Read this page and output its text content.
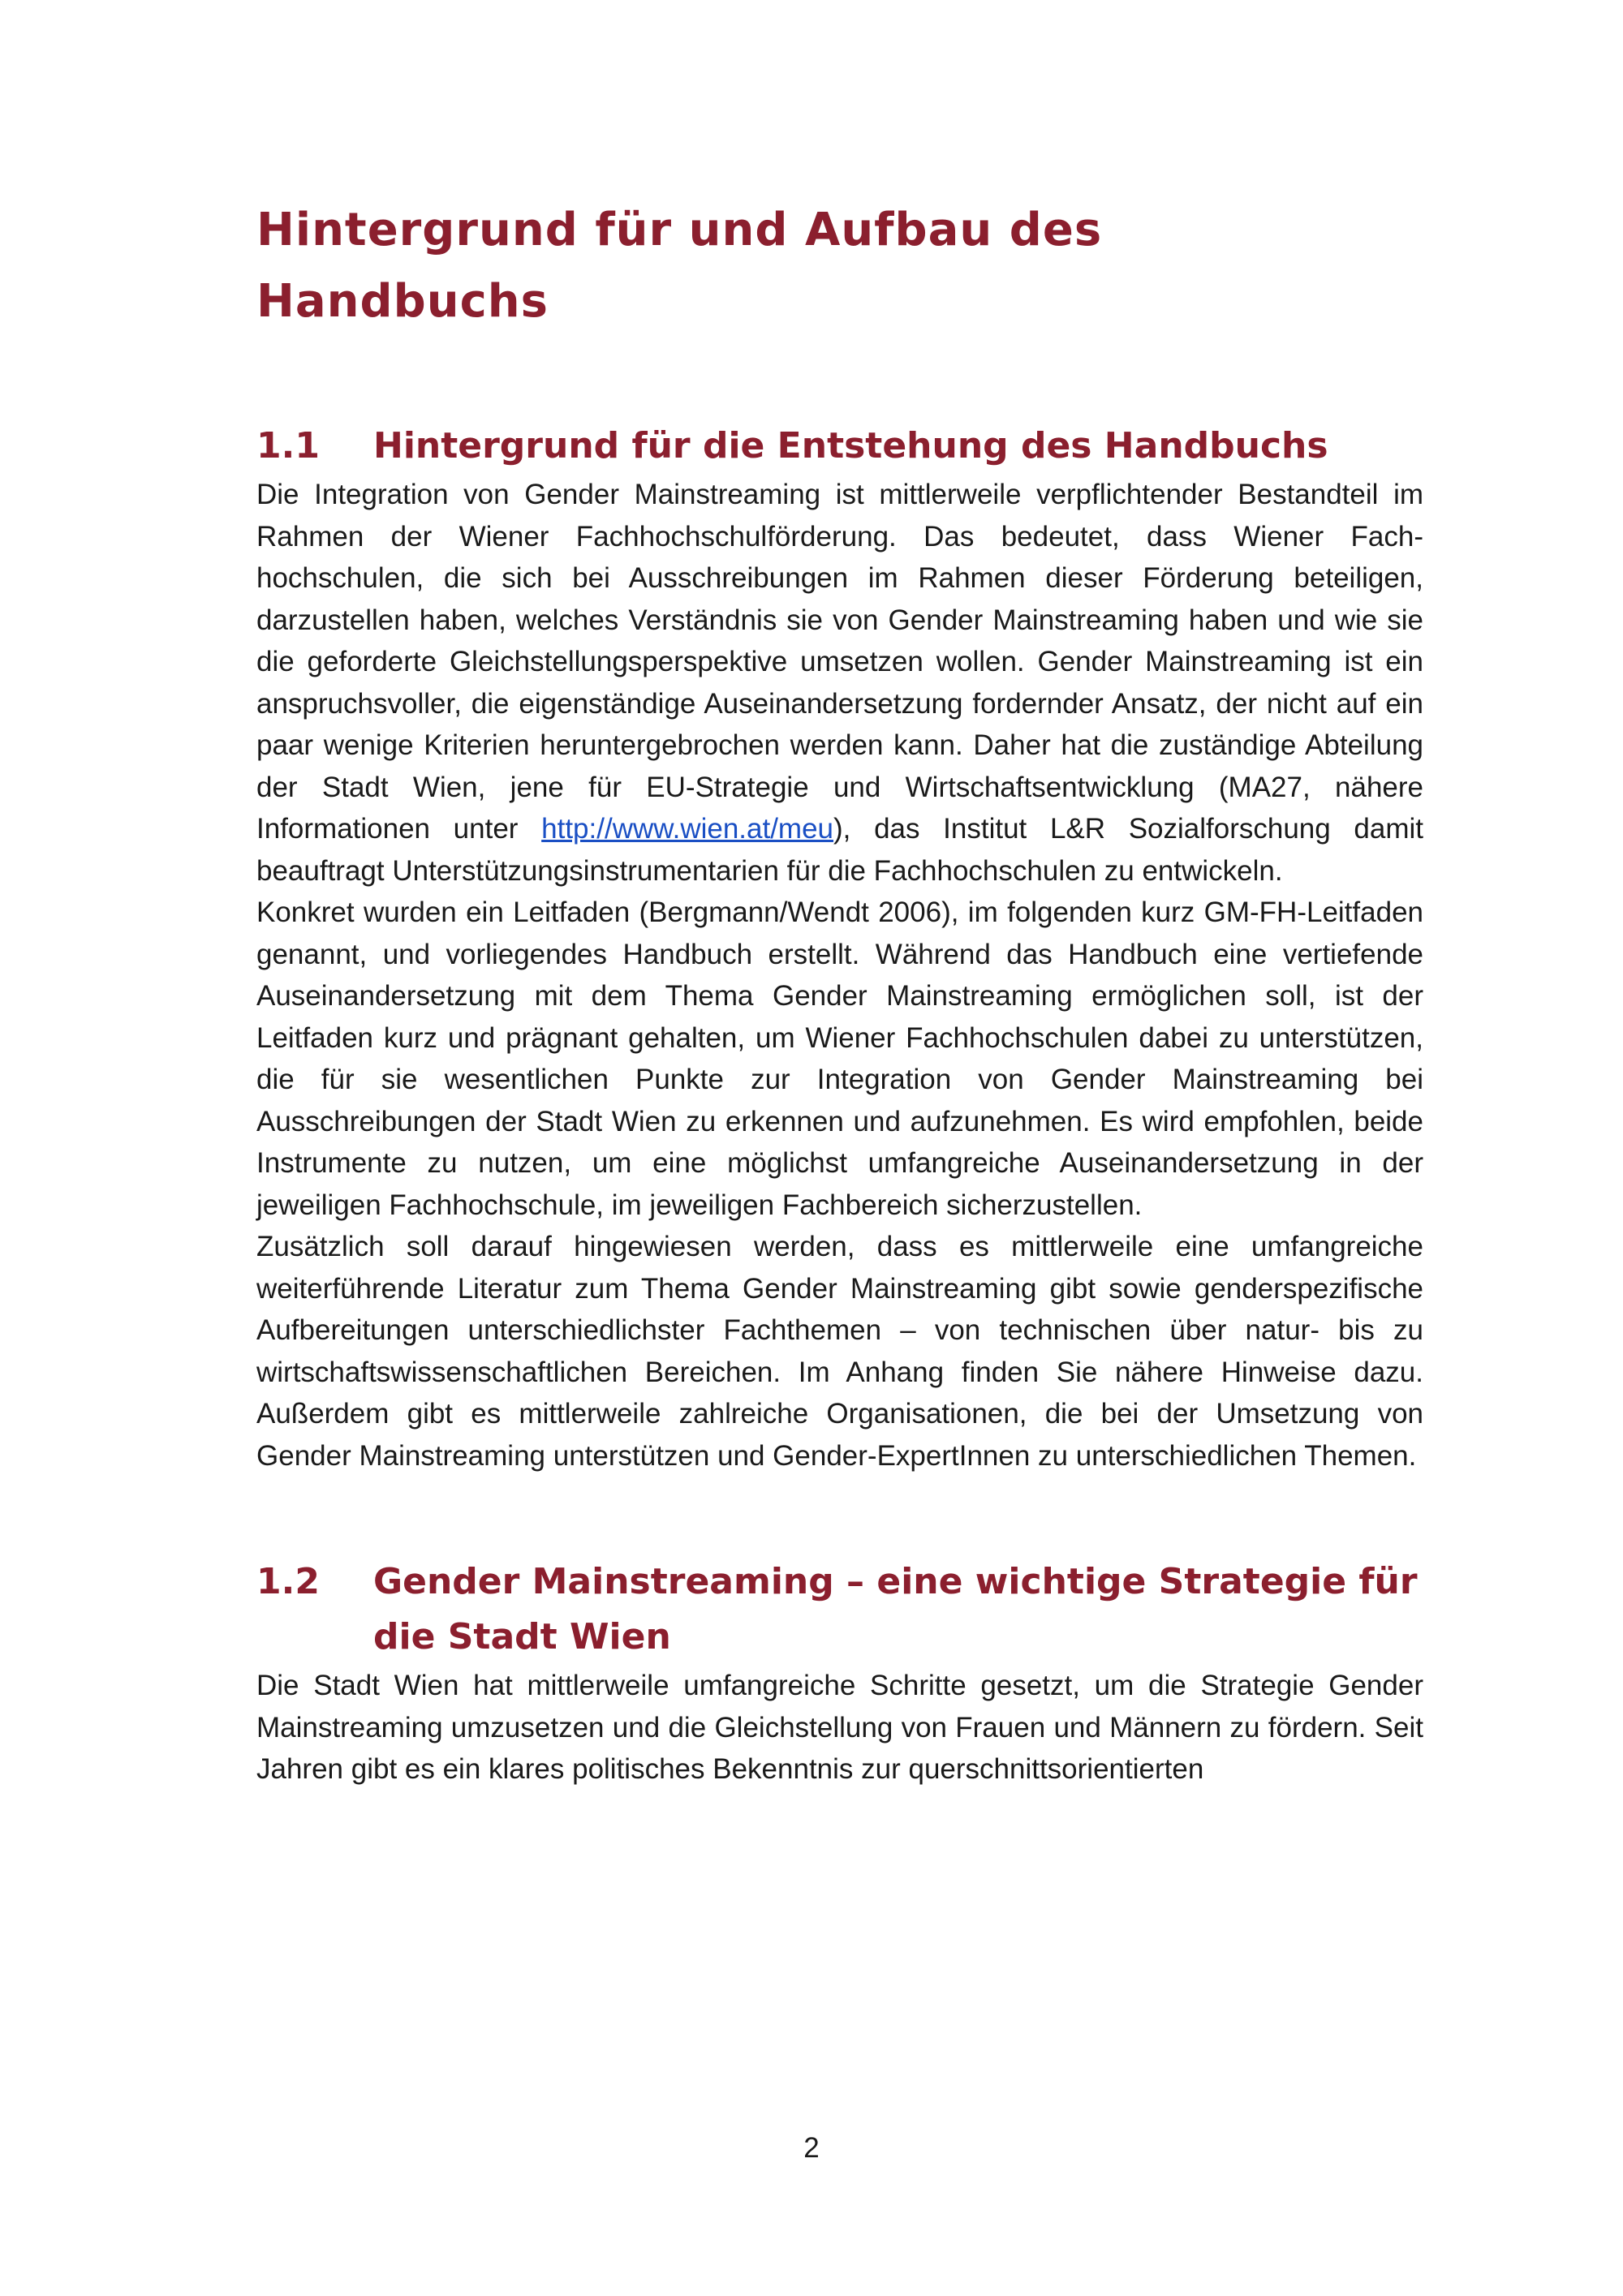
Hintergrund für und Aufbau des
Handbuchs
1.1	Hintergrund für die Entstehung des Handbuchs

Die Integration von Gender Mainstreaming ist mittlerweile verpflichtender Bestandteil im Rahmen der Wiener Fachhochschulförderung. Das bedeutet, dass Wiener Fachhochschulen, die sich bei Ausschreibungen im Rahmen dieser Förderung beteiligen, darzustellen haben, welches Verständnis sie von Gender Mainstreaming haben und wie sie die geforderte Gleichstellungsperspektive umsetzen wollen. Gender Mainstreaming ist ein anspruchsvoller, die eigenständige Auseinandersetzung fordernder Ansatz, der nicht auf ein paar wenige Kriterien heruntergebrochen werden kann. Daher hat die zuständige Abteilung der Stadt Wien, jene für EU-Strategie und Wirtschaftsentwicklung (MA27, nähere Informationen unter http://www.wien.at/meu), das Institut L&R Sozialforschung damit beauftragt Unterstützungsinstrumentarien für die Fachhochschulen zu entwickeln.

Konkret wurden ein Leitfaden (Bergmann/Wendt 2006), im folgenden kurz GM-FH-Leitfaden genannt, und vorliegendes Handbuch erstellt. Während das Handbuch eine vertiefende Auseinandersetzung mit dem Thema Gender Mainstreaming ermöglichen soll, ist der Leitfaden kurz und prägnant gehalten, um Wiener Fachhochschulen dabei zu unterstützen, die für sie wesentlichen Punkte zur Integration von Gender Mainstreaming bei Ausschreibungen der Stadt Wien zu erkennen und aufzunehmen. Es wird empfohlen, beide Instrumente zu nutzen, um eine möglichst umfangreiche Auseinandersetzung in der jeweiligen Fachhochschule, im jeweiligen Fachbereich sicherzustellen.

Zusätzlich soll darauf hingewiesen werden, dass es mittlerweile eine umfangreiche weiterführende Literatur zum Thema Gender Mainstreaming gibt sowie genderspezifische Aufbereitungen unterschiedlichster Fachthemen – von technischen über natur- bis zu wirtschaftswissenschaftlichen Bereichen. Im Anhang finden Sie nähere Hinweise dazu. Außerdem gibt es mittlerweile zahlreiche Organisationen, die bei der Umsetzung von Gender Mainstreaming unterstützen und Gender-ExpertInnen zu unterschiedlichen Themen.

1.2	Gender Mainstreaming – eine wichtige Strategie für die Stadt Wien

Die Stadt Wien hat mittlerweile umfangreiche Schritte gesetzt, um die Strategie Gender Mainstreaming umzusetzen und die Gleichstellung von Frauen und Männern zu fördern. Seit Jahren gibt es ein klares politisches Bekenntnis zur querschnittsorientierten

2
